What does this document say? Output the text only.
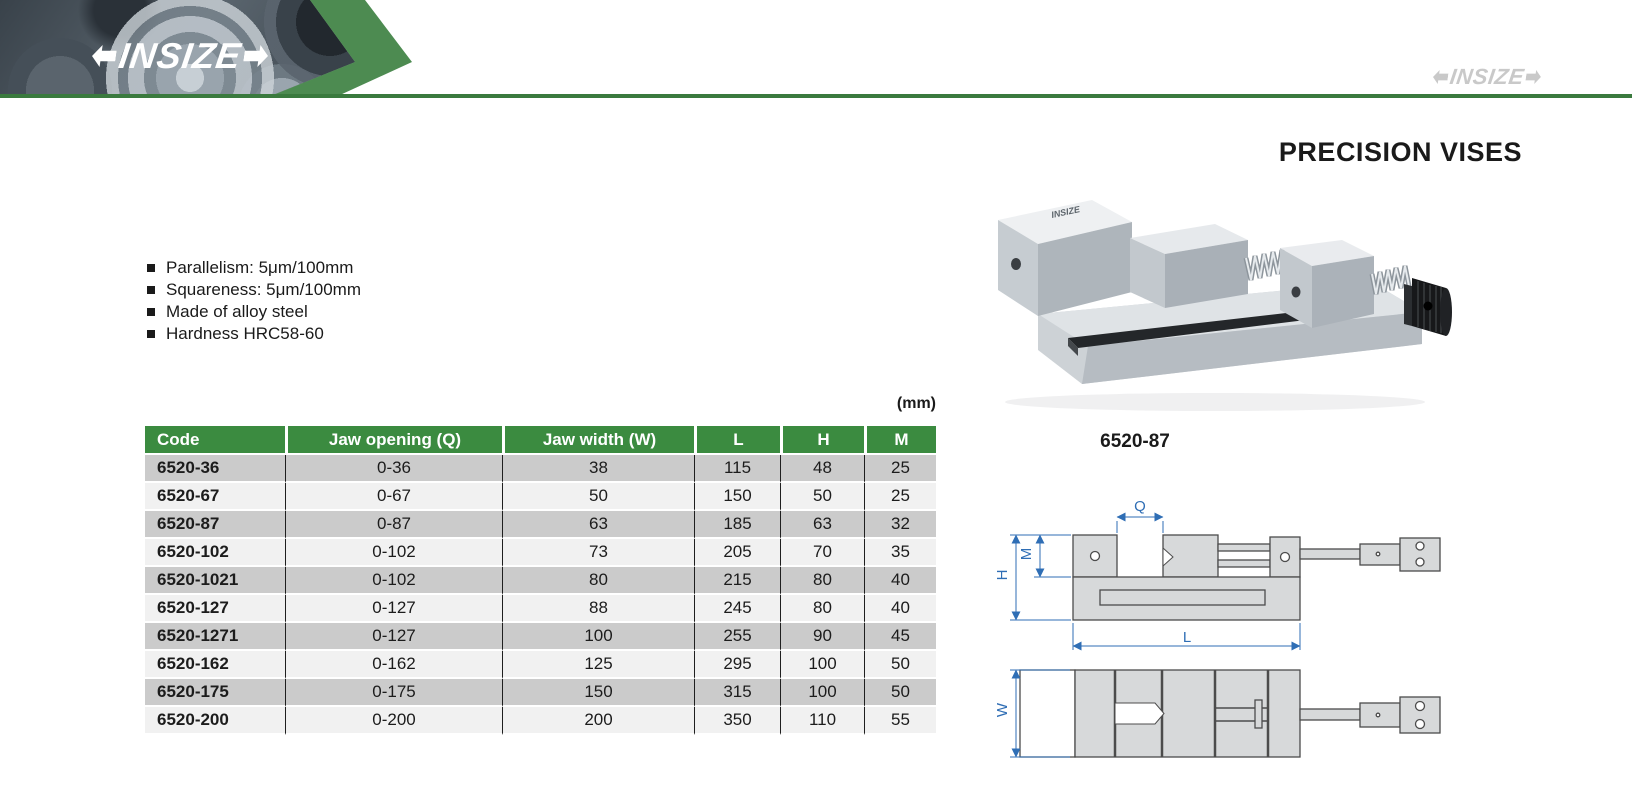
INSIZE
INSIZE
PRECISION VISES
6520-87
Parallelism: 5μm/100mm
Squareness: 5μm/100mm
Made of alloy steel
Hardness HRC58-60
(mm)
Code	Jaw opening (Q)	Jaw width (W)	L	H	M
6520-36	0-36	38	115	48	25
6520-67	0-67	50	150	50	25
6520-87	0-87	63	185	63	32
6520-102	0-102	73	205	70	35
6520-1021	0-102	80	215	80	40
6520-127	0-127	88	245	80	40
6520-1271	0-127	100	255	90	45
6520-162	0-162	125	295	100	50
6520-175	0-175	150	315	100	50
6520-200	0-200	200	350	110	55
INSIZE
Q
M
H
L
W
